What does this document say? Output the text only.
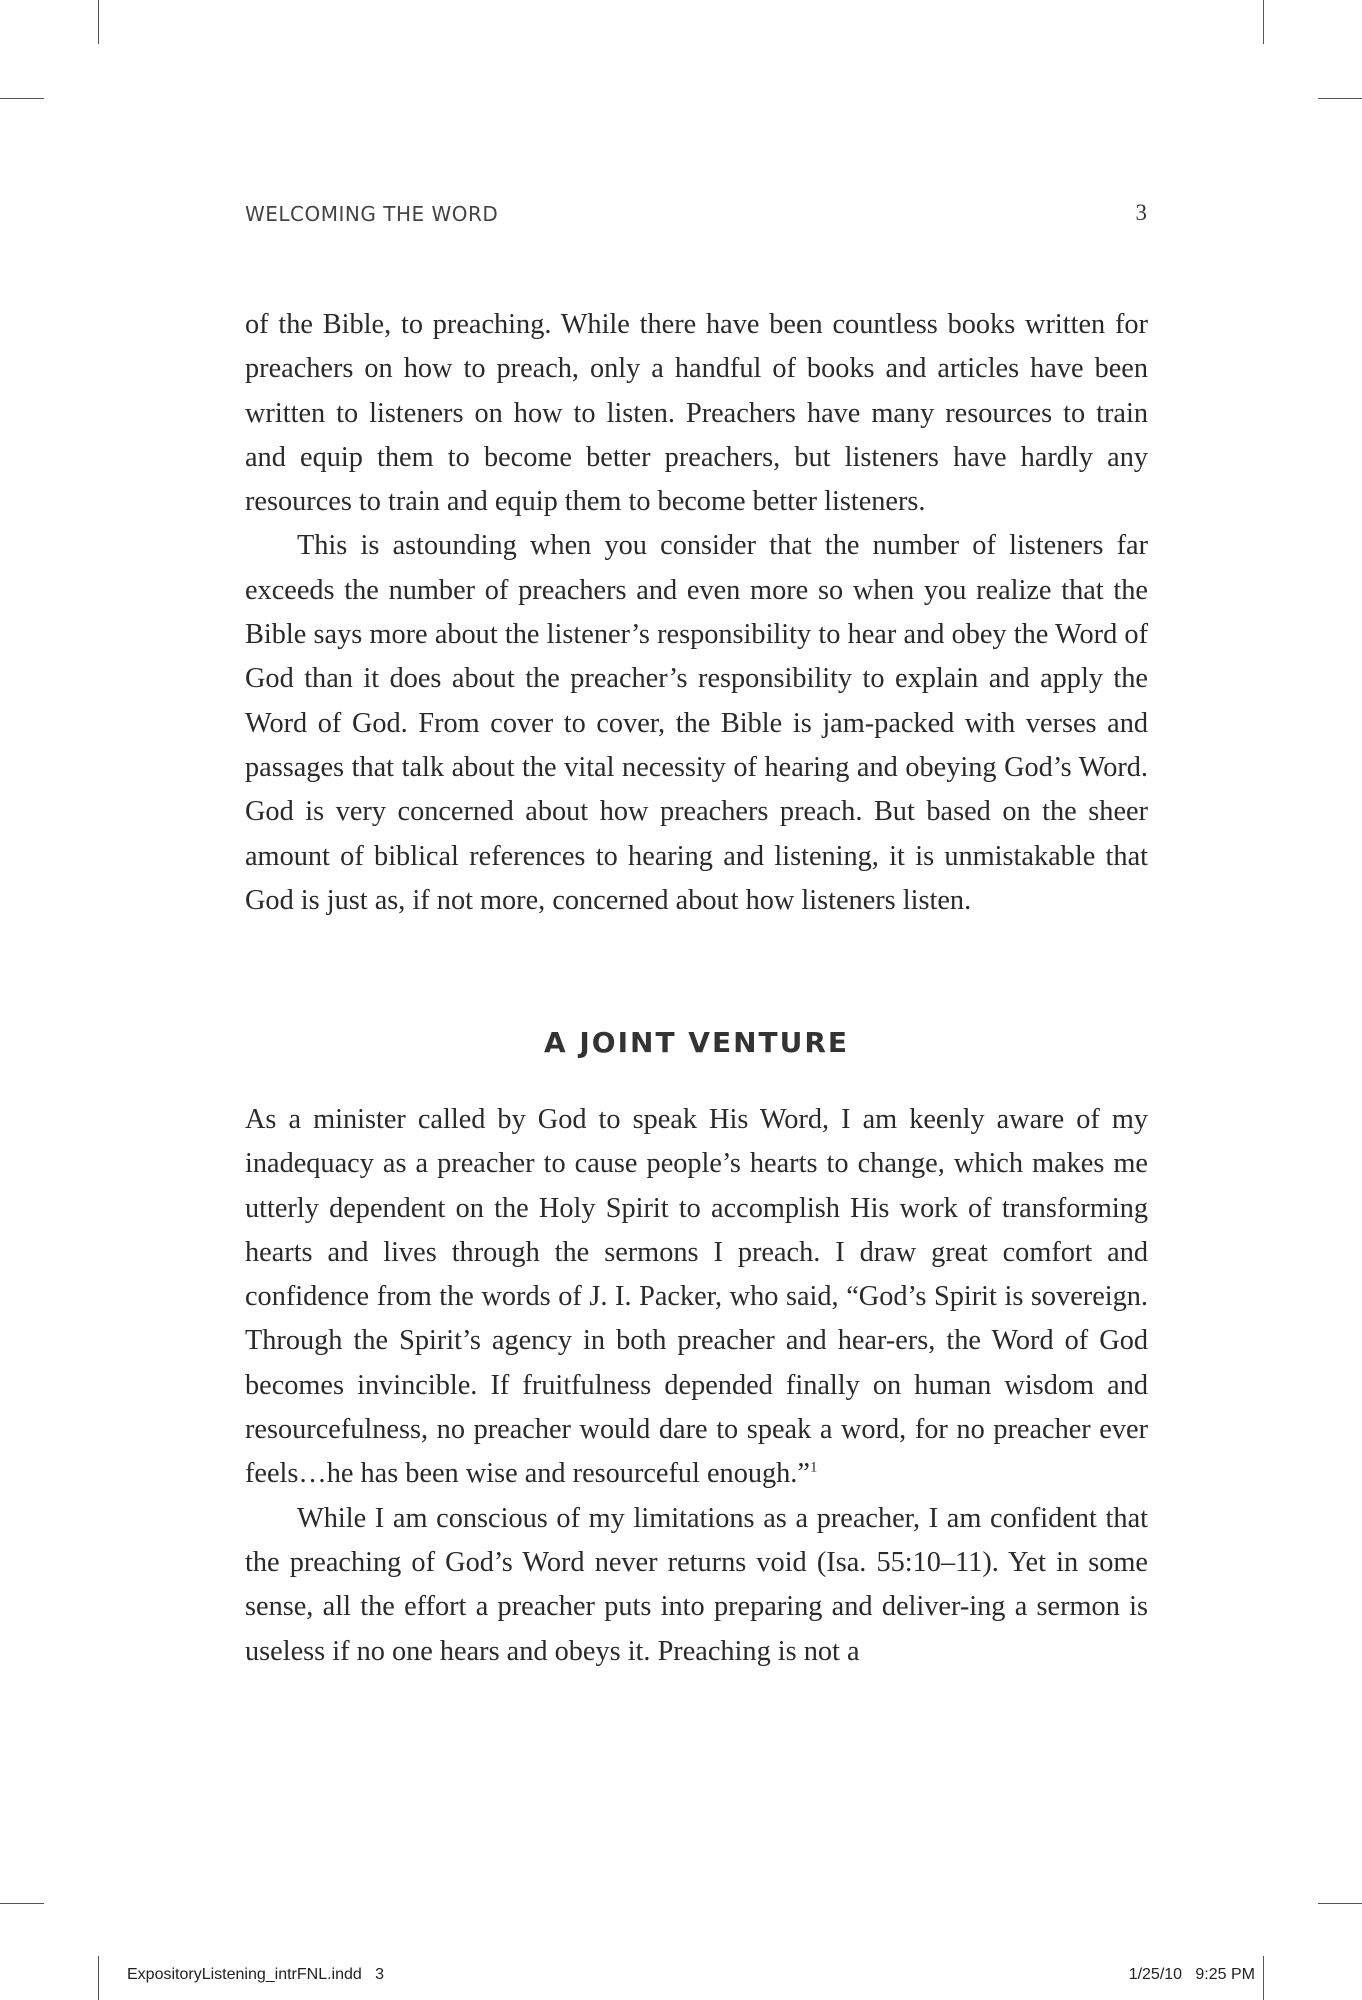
WELCOMING THE WORD	3

of the Bible, to preaching. While there have been countless books written for preachers on how to preach, only a handful of books and articles have been written to listeners on how to listen. Preachers have many resources to train and equip them to become better preachers, but listeners have hardly any resources to train and equip them to become better listeners.

This is astounding when you consider that the number of listeners far exceeds the number of preachers and even more so when you realize that the Bible says more about the listener’s responsibility to hear and obey the Word of God than it does about the preacher’s responsibility to explain and apply the Word of God. From cover to cover, the Bible is jam-packed with verses and passages that talk about the vital necessity of hearing and obeying God’s Word. God is very concerned about how preachers preach. But based on the sheer amount of biblical references to hearing and listening, it is unmistakable that God is just as, if not more, concerned about how listeners listen.

A JOINT VENTURE

As a minister called by God to speak His Word, I am keenly aware of my inadequacy as a preacher to cause people’s hearts to change, which makes me utterly dependent on the Holy Spirit to accomplish His work of transforming hearts and lives through the sermons I preach. I draw great comfort and confidence from the words of J. I. Packer, who said, “God’s Spirit is sovereign. Through the Spirit’s agency in both preacher and hear-ers, the Word of God becomes invincible. If fruitfulness depended finally on human wisdom and resourcefulness, no preacher would dare to speak a word, for no preacher ever feels…he has been wise and resourceful enough.”$^1$

While I am conscious of my limitations as a preacher, I am confident that the preaching of God’s Word never returns void (Isa. 55:10–11). Yet in some sense, all the effort a preacher puts into preparing and deliver-ing a sermon is useless if no one hears and obeys it. Preaching is not a

ExpositoryListening_intrFNL.indd   3	1/25/10   9:25 PM
